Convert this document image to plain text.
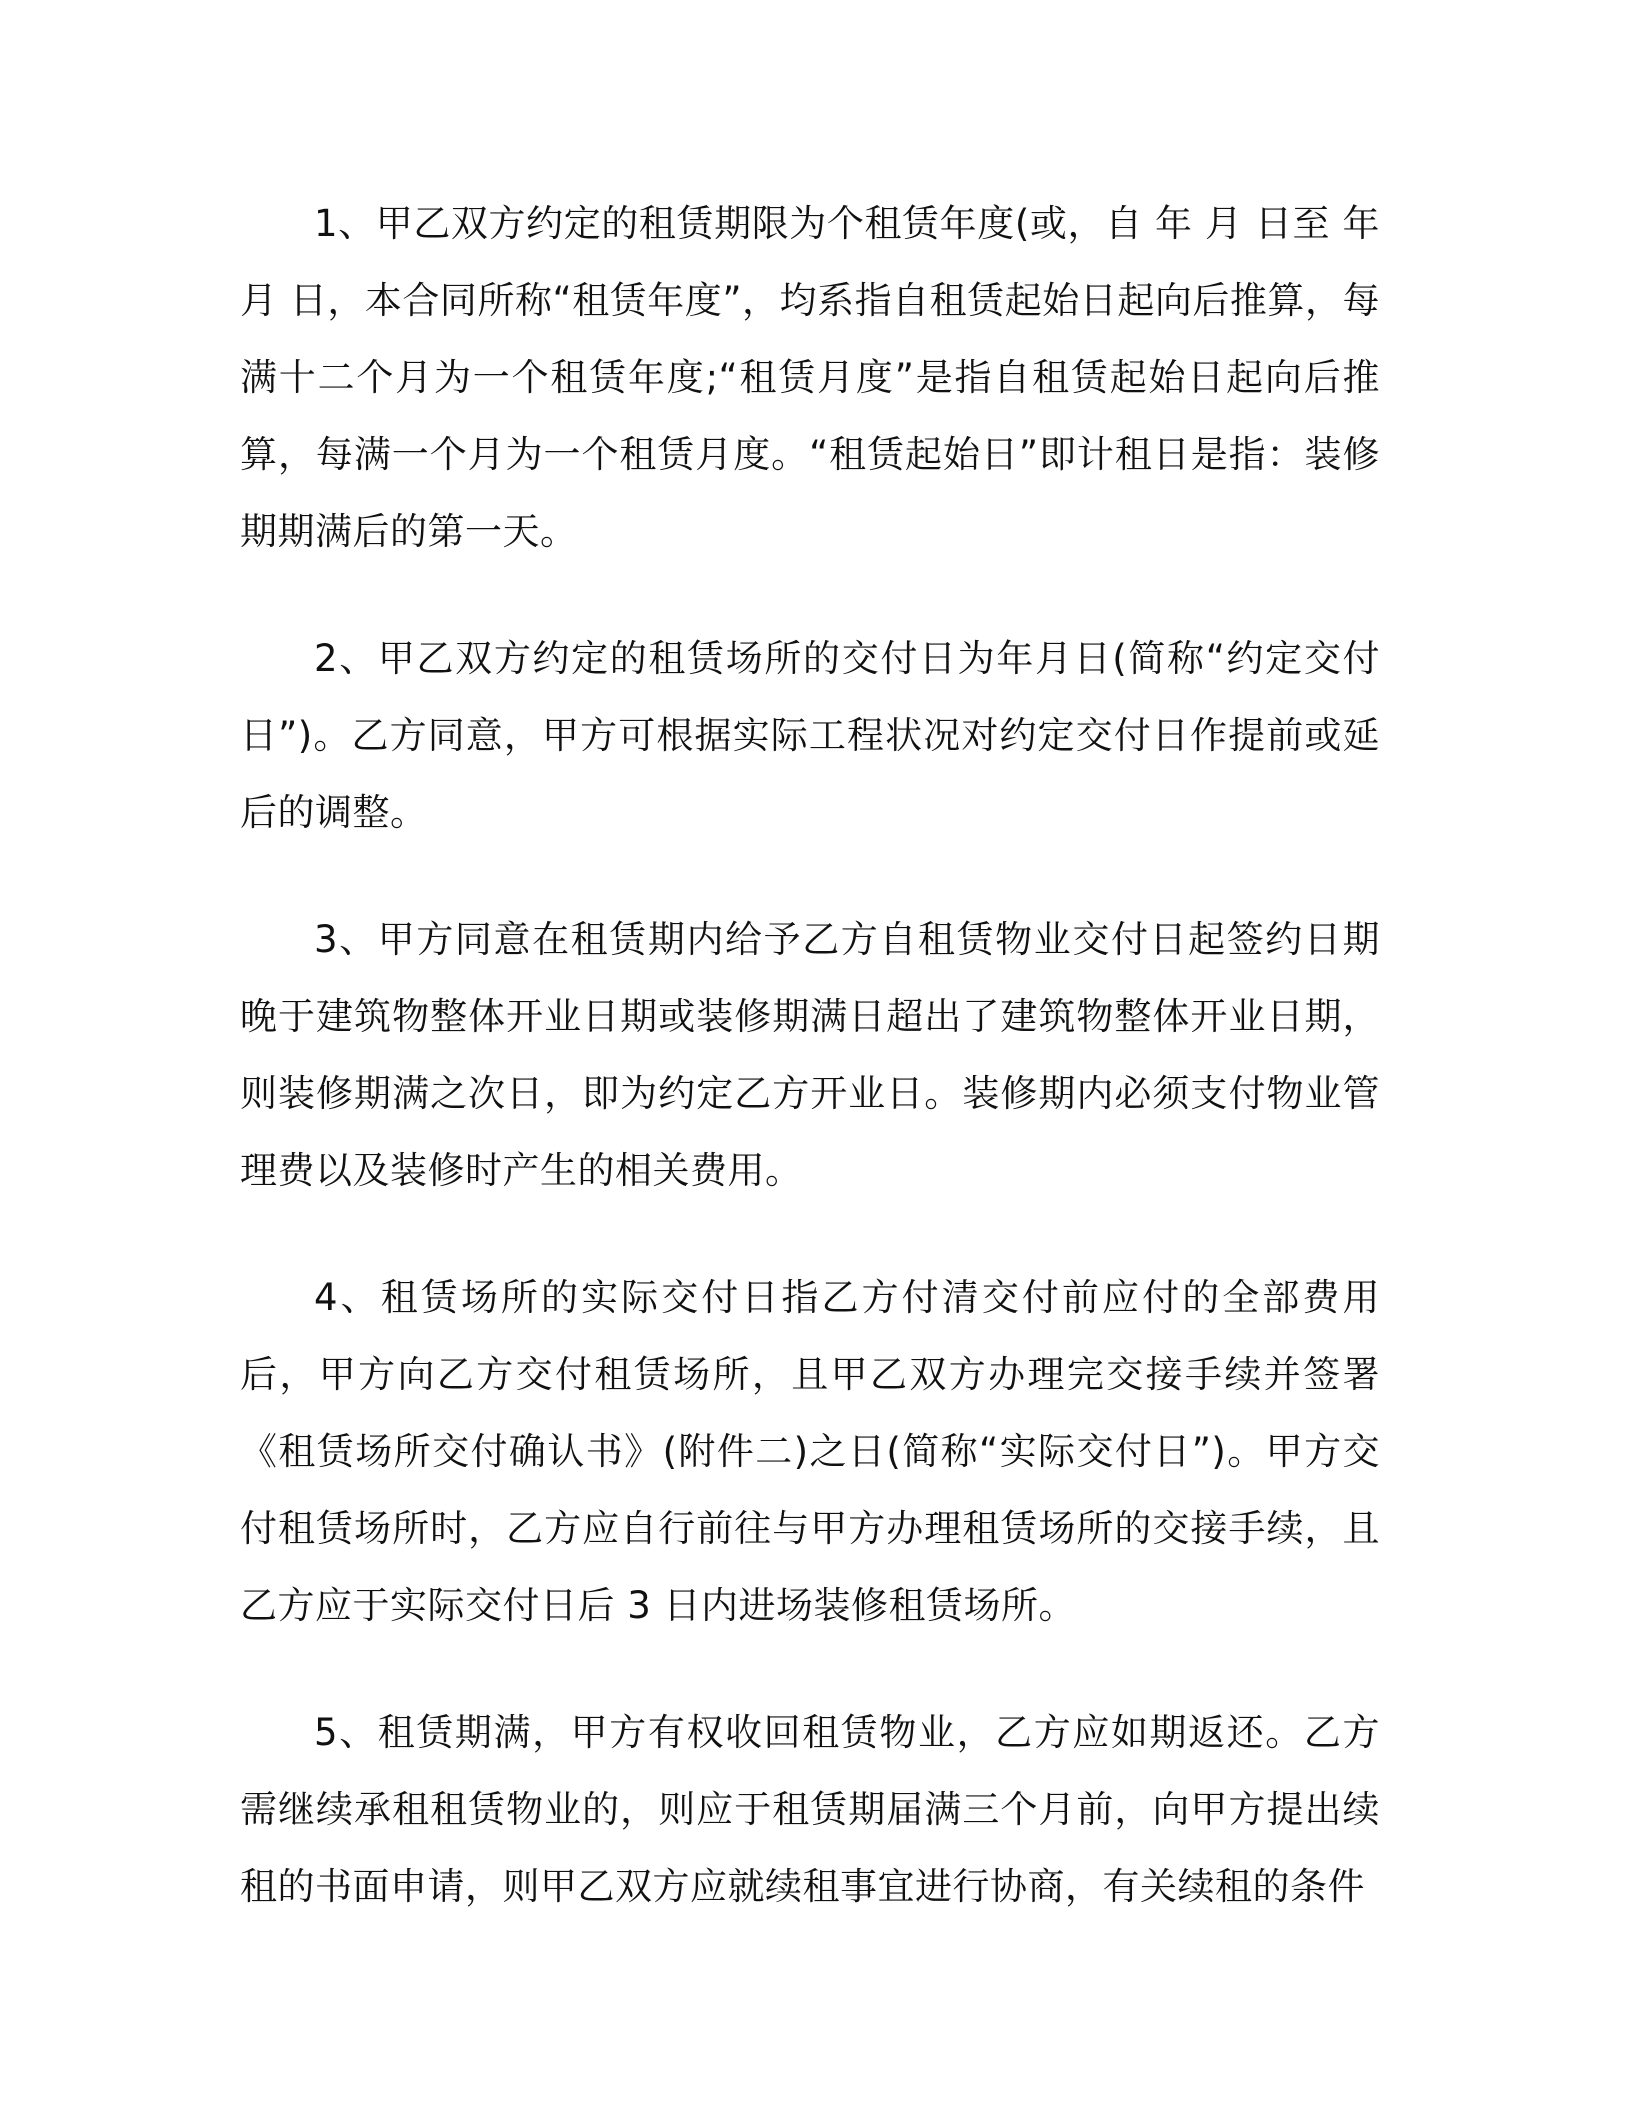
1、甲乙双方约定的租赁期限为个租赁年度(或，自 年 月 日至 年 月 日，本合同所称“租赁年度”，均系指自租赁起始日起向后推算，每满十二个月为一个租赁年度;“租赁月度”是指自租赁起始日起向后推算，每满一个月为一个租赁月度。“租赁起始日”即计租日是指：装修期期满后的第一天。

2、甲乙双方约定的租赁场所的交付日为年月日(简称“约定交付日”)。乙方同意，甲方可根据实际工程状况对约定交付日作提前或延后的调整。

3、甲方同意在租赁期内给予乙方自租赁物业交付日起签约日期晚于建筑物整体开业日期或装修期满日超出了建筑物整体开业日期，则装修期满之次日，即为约定乙方开业日。装修期内必须支付物业管理费以及装修时产生的相关费用。

4、租赁场所的实际交付日指乙方付清交付前应付的全部费用后，甲方向乙方交付租赁场所，且甲乙双方办理完交接手续并签署《租赁场所交付确认书》(附件二)之日(简称“实际交付日”)。甲方交付租赁场所时，乙方应自行前往与甲方办理租赁场所的交接手续，且乙方应于实际交付日后 3 日内进场装修租赁场所。

5、租赁期满，甲方有权收回租赁物业，乙方应如期返还。乙方需继续承租租赁物业的，则应于租赁期届满三个月前，向甲方提出续租的书面申请，则甲乙双方应就续租事宜进行协商，有关续租的条件
